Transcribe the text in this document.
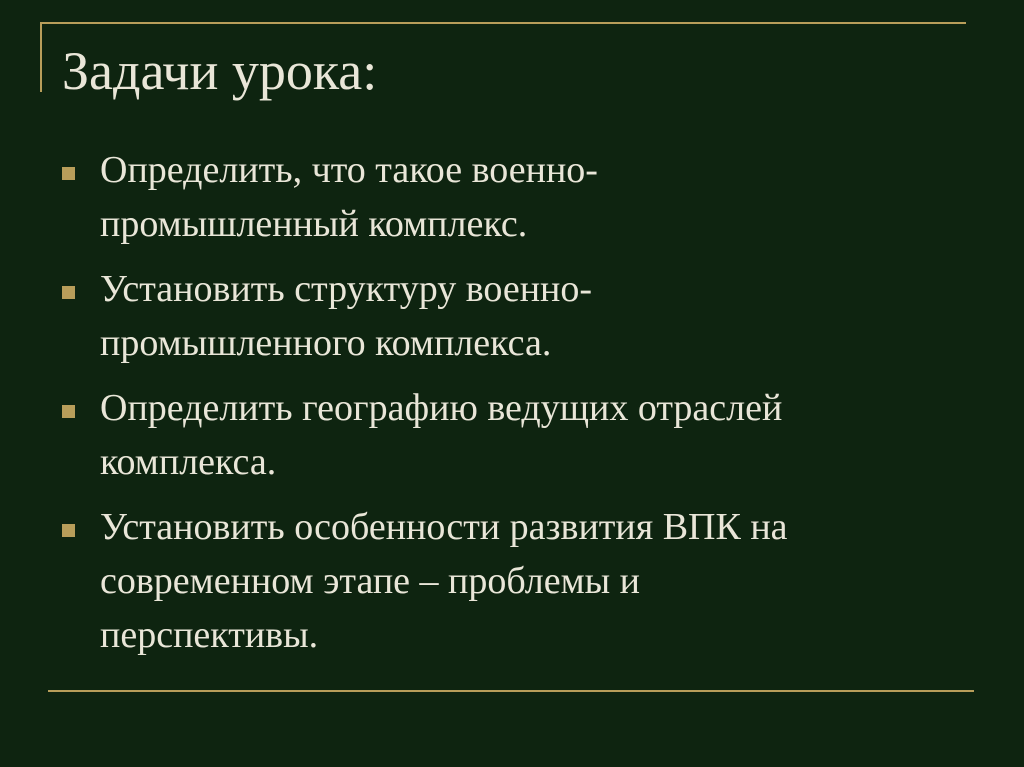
Задачи урока:
Определить, что такое военно-
промышленный комплекс.
Установить структуру военно-
промышленного комплекса.
Определить географию ведущих отраслей
комплекса.
Установить особенности развития ВПК на
современном этапе – проблемы и
перспективы.
